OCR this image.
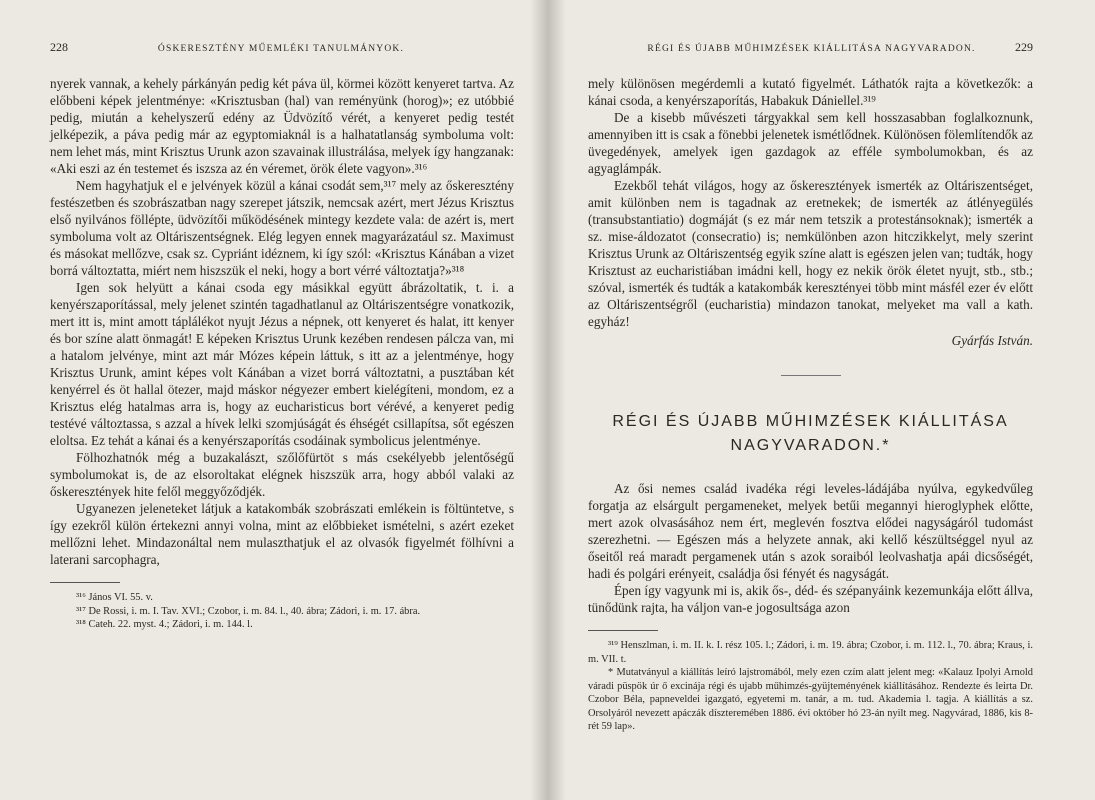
228	ÓSKERESZTÉNY MŰEMLÉKI TANULMÁNYOK.

nyerek vannak, a kehely párkányán pedig két páva ül, körmei között kenyeret tartva. Az előbbeni képek jelentménye: «Krisztusban (hal) van reményünk (horog)»; ez utóbbié pedig, miután a kehelyszerű edény az Üdvözítő vérét, a kenyeret pedig testét jelképezik, a páva pedig már az egyptomiaknál is a halhatatlanság symboluma volt: nem lehet más, mint Krisztus Urunk azon szavainak illustrálása, melyek így hangzanak: «Aki eszi az én testemet és iszsza az én véremet, örök élete vagyon».³¹⁶

Nem hagyhatjuk el e jelvények közül a kánai csodát sem,³¹⁷ mely az őskeresztény festészetben és szobrászatban nagy szerepet játszik, nemcsak azért, mert Jézus Krisztus első nyilvános föllépte, üdvözítői működésének mintegy kezdete vala: de azért is, mert symboluma volt az Oltáriszentségnek. Elég legyen ennek magyarázatául sz. Maximust és másokat mellőzve, csak sz. Cypriánt idéznem, ki így szól: «Krisztus Kánában a vizet borrá változtatta, miért nem hiszszük el neki, hogy a bort vérré változtatja?»³¹⁸

Igen sok helyütt a kánai csoda egy másikkal együtt ábrázoltatik, t. i. a kenyérszaporítással, mely jelenet szintén tagadhatlanul az Oltáriszentségre vonatkozik, mert itt is, mint amott táplálékot nyujt Jézus a népnek, ott kenyeret és halat, itt kenyer és bor színe alatt önmagát! E képeken Krisztus Urunk kezében rendesen pálcza van, mi a hatalom jelvénye, mint azt már Mózes képein láttuk, s itt az a jelentménye, hogy Krisztus Urunk, amint képes volt Kánában a vizet borrá változtatni, a pusztában két kenyérrel és öt hallal ötezer, majd máskor négyezer embert kielégíteni, mondom, ez a Krisztus elég hatalmas arra is, hogy az eucharisticus bort vérévé, a kenyeret pedig testévé változtassa, s azzal a hívek lelki szomjúságát és éhségét csillapítsa, sőt egészen eloltsa. Ez tehát a kánai és a kenyérszaporítás csodáinak symbolicus jelentménye.

Fölhozhatnók még a buzakalászt, szőlőfürtöt s más csekélyebb jelentőségű symbolumokat is, de az elsoroltakat elégnek hiszszük arra, hogy abból valaki az őskeresztények hite felől meggyőződjék.

Ugyanezen jeleneteket látjuk a katakombák szobrászati emlékein is föltüntetve, s így ezekről külön értekezni annyi volna, mint az előbbieket ismételni, s azért ezeket mellőzni lehet. Mindazonáltal nem mulaszthatjuk el az olvasók figyelmét fölhívni a laterani sarcophagra,

³¹⁶ János VI. 55. v.

³¹⁷ De Rossi, i. m. I. Tav. XVI.; Czobor, i. m. 84. l., 40. ábra; Zádori, i. m. 17. ábra.

³¹⁸ Cateh. 22. myst. 4.; Zádori, i. m. 144. l.

RÉGI ÉS ÚJABB MŰHIMZÉSEK KIÁLLITÁSA NAGYVARADON.	229

mely különösen megérdemli a kutató figyelmét. Láthatók rajta a következők: a kánai csoda, a kenyérszaporítás, Habakuk Dániellel.³¹⁹

De a kisebb művészeti tárgyakkal sem kell hosszasabban foglalkoznunk, amennyiben itt is csak a fönebbi jelenetek ismétlődnek. Különösen fölemlítendők az üvegedények, amelyek igen gazdagok az efféle symbolumokban, és az agyaglámpák.

Ezekből tehát világos, hogy az őskeresztények ismerték az Oltáriszentséget, amit különben nem is tagadnak az eretnekek; de ismerték az átlényegülés (transubstantiatio) dogmáját (s ez már nem tetszik a protestánsoknak); ismerték a sz. mise-áldozatot (consecratio) is; nemkülönben azon hitczikkelyt, mely szerint Krisztus Urunk az Oltáriszentség egyik színe alatt is egészen jelen van; tudták, hogy Krisztust az eucharistiában imádni kell, hogy ez nekik örök életet nyujt, stb., stb.; szóval, ismerték és tudták a katakombák keresztényei több mint másfél ezer év előtt az Oltáriszentségről (eucharistia) mindazon tanokat, melyeket ma vall a kath. egyház!

Gyárfás István.
RÉGI ÉS ÚJABB MŰHIMZÉSEK KIÁLLITÁSA NAGYVARADON.*

Az ősi nemes család ivadéka régi leveles-ládájába nyúlva, egykedvűleg forgatja az elsárgult pergameneket, melyek betűi megannyi hieroglyphek előtte, mert azok olvasásához nem ért, meglevén fosztva elődei nagyságáról tudomást szerezhetni. — Egészen más a helyzete annak, aki kellő készültséggel nyul az őseitől reá maradt pergamenek után s azok soraiból leolvashatja apái dicsőségét, hadi és polgári erényeit, családja ősi fényét és nagyságát.

Épen így vagyunk mi is, akik ős-, déd- és szépanyáink kezemunkája előtt állva, tünődünk rajta, ha váljon van-e jogosultsága azon

³¹⁹ Henszlman, i. m. II. k. I. rész 105. l.; Zádori, i. m. 19. ábra; Czobor, i. m. 112. l., 70. ábra; Kraus, i. m. VII. t.

* Mutatványul a kiállítás leíró lajstromából, mely ezen czím alatt jelent meg: «Kalauz Ipolyi Arnold váradi püspök úr ő excinája régi és ujabb műhimzés-gyüjteményének kiállításához. Rendezte és leirta Dr. Czobor Béla, papneveldei igazgató, egyetemi m. tanár, a m. tud. Akademia l. tagja. A kiállítás a sz. Orsolyáról nevezett apáczák díszteremében 1886. évi október hó 23-án nyilt meg. Nagyvárad, 1886, kis 8-rét 59 lap».
